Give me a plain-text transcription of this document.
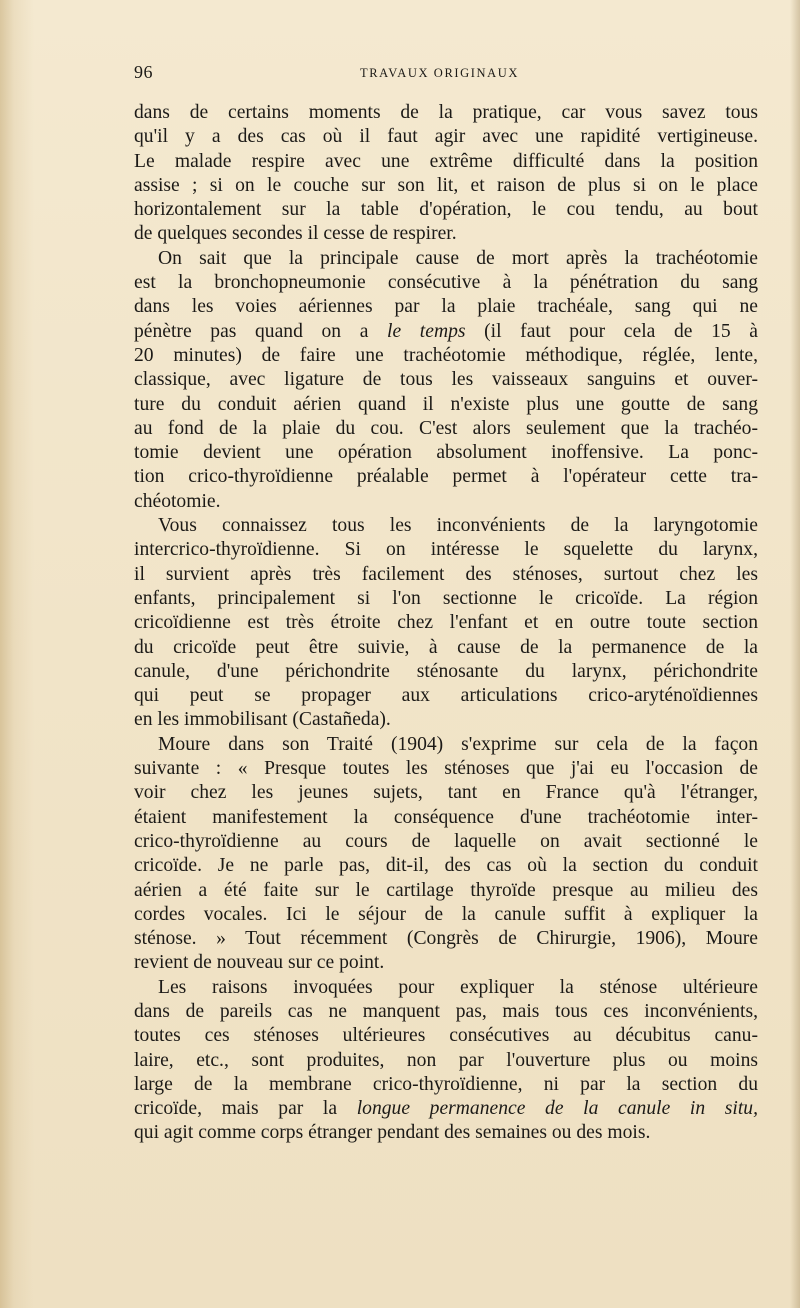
96	TRAVAUX ORIGINAUX
dans de certains moments de la pratique, car vous savez tous
qu'il y a des cas où il faut agir avec une rapidité vertigineuse.
Le malade respire avec une extrême difficulté dans la position
assise ; si on le couche sur son lit, et raison de plus si on le place
horizontalement sur la table d'opération, le cou tendu, au bout
de quelques secondes il cesse de respirer.
On sait que la principale cause de mort après la trachéotomie
est la bronchopneumonie consécutive à la pénétration du sang
dans les voies aériennes par la plaie trachéale, sang qui ne
pénètre pas quand on a le temps (il faut pour cela de 15 à
20 minutes) de faire une trachéotomie méthodique, réglée, lente,
classique, avec ligature de tous les vaisseaux sanguins et ouver-
ture du conduit aérien quand il n'existe plus une goutte de sang
au fond de la plaie du cou. C'est alors seulement que la trachéo-
tomie devient une opération absolument inoffensive. La ponc-
tion crico-thyroïdienne préalable permet à l'opérateur cette tra-
chéotomie.
Vous connaissez tous les inconvénients de la laryngotomie
intercrico-thyroïdienne. Si on intéresse le squelette du larynx,
il survient après très facilement des sténoses, surtout chez les
enfants, principalement si l'on sectionne le cricoïde. La région
cricoïdienne est très étroite chez l'enfant et en outre toute section
du cricoïde peut être suivie, à cause de la permanence de la
canule, d'une périchondrite sténosante du larynx, périchondrite
qui peut se propager aux articulations crico-aryténoïdiennes
en les immobilisant (Castañeda).
Moure dans son Traité (1904) s'exprime sur cela de la façon
suivante : « Presque toutes les sténoses que j'ai eu l'occasion de
voir chez les jeunes sujets, tant en France qu'à l'étranger,
étaient manifestement la conséquence d'une trachéotomie inter-
crico-thyroïdienne au cours de laquelle on avait sectionné le
cricoïde. Je ne parle pas, dit-il, des cas où la section du conduit
aérien a été faite sur le cartilage thyroïde presque au milieu des
cordes vocales. Ici le séjour de la canule suffit à expliquer la
sténose. » Tout récemment (Congrès de Chirurgie, 1906), Moure
revient de nouveau sur ce point.
Les raisons invoquées pour expliquer la sténose ultérieure
dans de pareils cas ne manquent pas, mais tous ces inconvénients,
toutes ces sténoses ultérieures consécutives au décubitus canu-
laire, etc., sont produites, non par l'ouverture plus ou moins
large de la membrane crico-thyroïdienne, ni par la section du
cricoïde, mais par la longue permanence de la canule in situ,
qui agit comme corps étranger pendant des semaines ou des mois.
